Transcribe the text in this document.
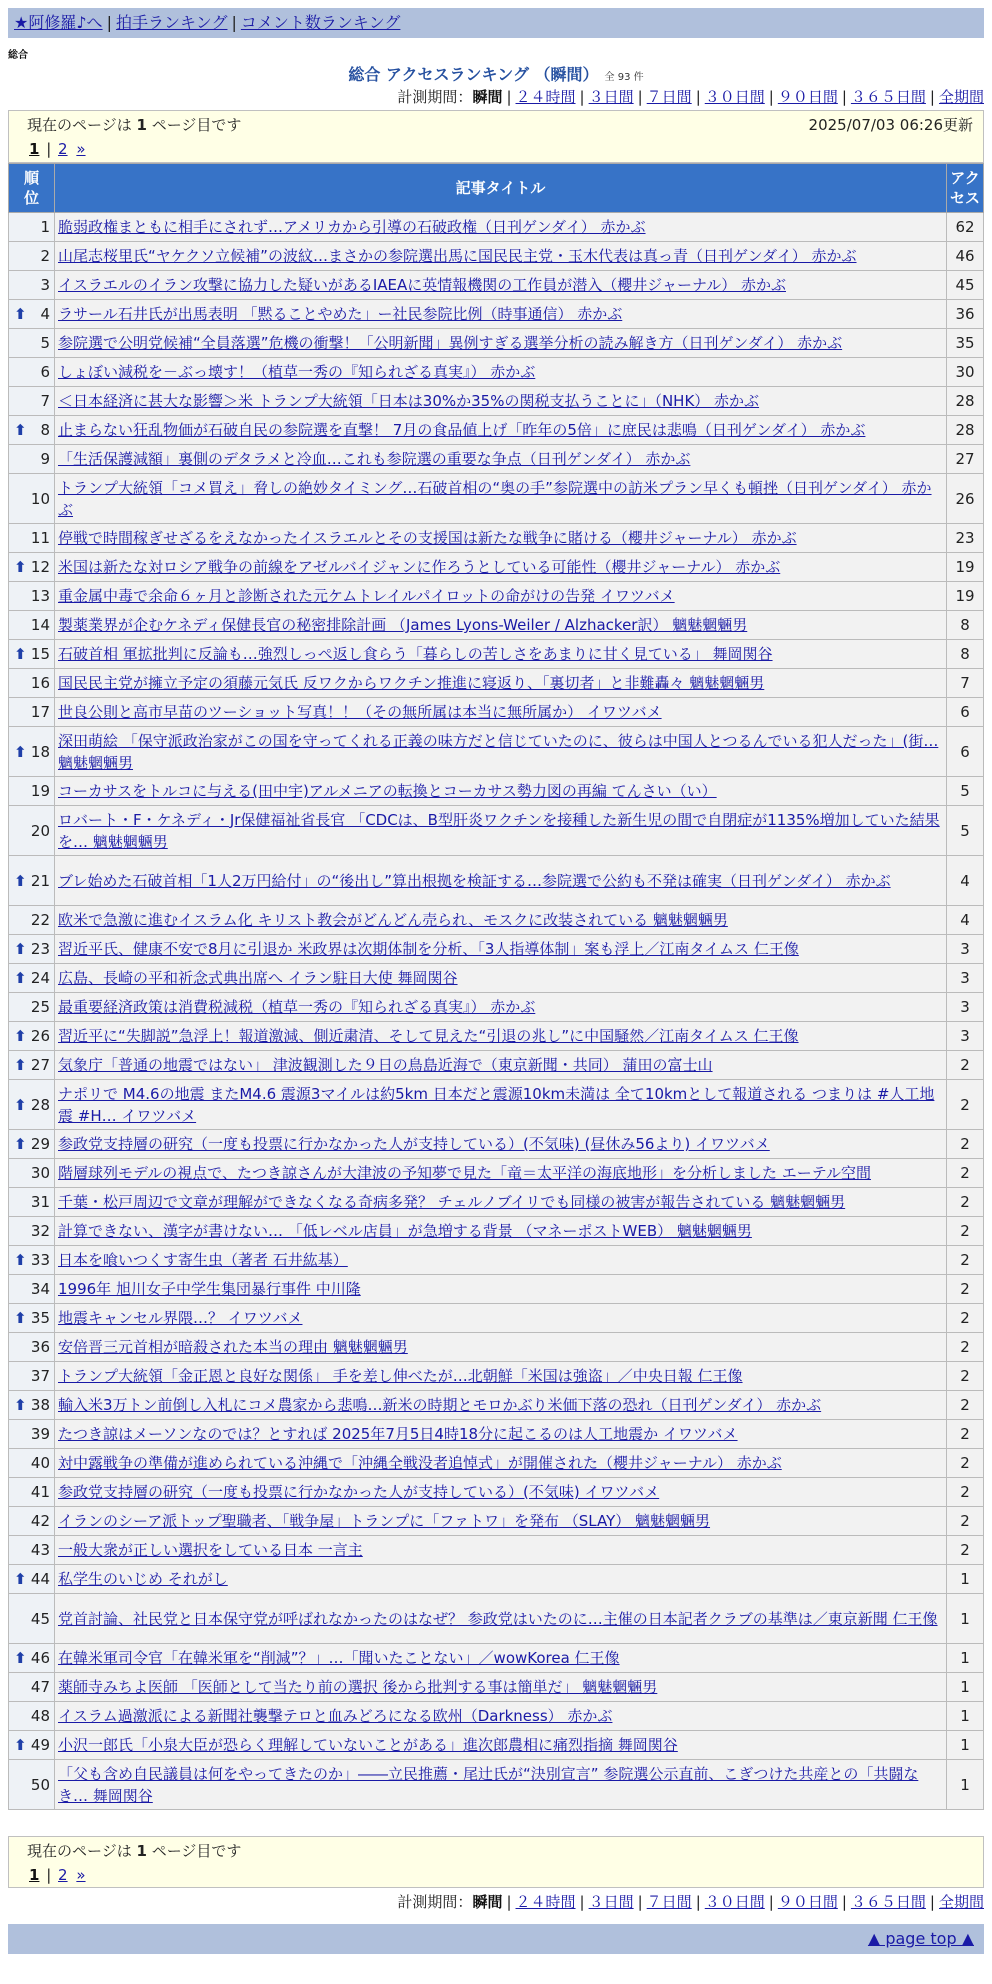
★阿修羅♪へ | 拍手ランキング | コメント数ランキング
総合
総合 アクセスランキング （瞬間） 全 93 件
計測期間：瞬間 | ２４時間 | ３日間 | ７日間 | ３０日間 | ９０日間 | ３６５日間 | 全期間
現在のページは 1 ページ目です	2025/07/03 06:26更新
1 | 2 »
順位	記事タイトル	アクセス
1	脆弱政権まともに相手にされず…アメリカから引導の石破政権（日刊ゲンダイ） 赤かぶ	62
2	山尾志桜里氏“ヤケクソ立候補”の波紋…まさかの参院選出馬に国民民主党・玉木代表は真っ青（日刊ゲンダイ） 赤かぶ	46
3	イスラエルのイラン攻撃に協力した疑いがあるIAEAに英情報機関の工作員が潜入（櫻井ジャーナル） 赤かぶ	45

⬆ 4	ラサール石井氏が出馬表明 「黙ることやめた」ー社民参院比例（時事通信） 赤かぶ	36
5	参院選で公明党候補“全員落選”危機の衝撃！「公明新聞」異例すぎる選挙分析の読み解き方（日刊ゲンダイ） 赤かぶ	35
6	しょぼい減税を－ぶっ壊す！（植草一秀の『知られざる真実』） 赤かぶ	30
7	＜日本経済に甚大な影響＞米 トランプ大統領「日本は30%か35%の関税支払うことに」（NHK） 赤かぶ	28

⬆ 8	止まらない狂乱物価が石破自民の参院選を直撃！ 7月の食品値上げ「昨年の5倍」に庶民は悲鳴（日刊ゲンダイ） 赤かぶ	28
9	「生活保護減額」裏側のデタラメと冷血…これも参院選の重要な争点（日刊ゲンダイ） 赤かぶ	27
10	トランプ大統領「コメ買え」脅しの絶妙タイミング…石破首相の“奥の手”参院選中の訪米プラン早くも頓挫（日刊ゲンダイ） 赤かぶ	26
11	停戦で時間稼ぎせざるをえなかったイスラエルとその支援国は新たな戦争に賭ける（櫻井ジャーナル） 赤かぶ	23

⬆ 12	米国は新たな対ロシア戦争の前線をアゼルバイジャンに作ろうとしている可能性（櫻井ジャーナル） 赤かぶ	19
13	重金属中毒で余命６ヶ月と診断された元ケムトレイルパイロットの命がけの告発 イワツバメ	19
14	製薬業界が企むケネディ保健長官の秘密排除計画 （James Lyons-Weiler / Alzhacker訳） 魑魅魍魎男	8

⬆ 15	石破首相 軍拡批判に反論も…強烈しっぺ返し食らう「暮らしの苦しさをあまりに甘く見ている」 舞岡関谷	8
16	国民民主党が擁立予定の須藤元気氏 反ワクからワクチン推進に寝返り、「裏切者」と非難轟々 魑魅魍魎男	7
17	世良公則と高市早苗のツーショット写真！！（その無所属は本当に無所属か） イワツバメ	6

⬆ 18	深田萌絵 「保守派政治家がこの国を守ってくれる正義の味方だと信じていたのに、彼らは中国人とつるんでいる犯人だった」(街… 魑魅魍魎男	6
19	コーカサスをトルコに与える(田中宇)アルメニアの転換とコーカサス勢力図の再編 てんさい（い）	5
20	ロバート・F・ケネディ・Jr保健福祉省長官 「CDCは、B型肝炎ワクチンを接種した新生児の間で自閉症が1135%増加していた結果を… 魑魅魍魎男	5

⬆ 21	ブレ始めた石破首相「1人2万円給付」の“後出し”算出根拠を検証する…参院選で公約も不発は確実（日刊ゲンダイ） 赤かぶ	4
22	欧米で急激に進むイスラム化 キリスト教会がどんどん売られ、モスクに改装されている 魑魅魍魎男	4

⬆ 23	習近平氏、健康不安で8月に引退か 米政界は次期体制を分析、「3人指導体制」案も浮上／江南タイムス 仁王像	3

⬆ 24	広島、長崎の平和祈念式典出席へ イラン駐日大使 舞岡関谷	3
25	最重要経済政策は消費税減税（植草一秀の『知られざる真実』） 赤かぶ	3

⬆ 26	習近平に“失脚説”急浮上！報道激減、側近粛清、そして見えた“引退の兆し”に中国騒然／江南タイムス 仁王像	3

⬆ 27	気象庁「普通の地震ではない」 津波観測した９日の鳥島近海で（東京新聞・共同） 蒲田の富士山	2

⬆ 28	ナポリで M4.6の地震 またM4.6 震源3マイルは約5km 日本だと震源10km未満は 全て10kmとして報道される つまりは #人工地震 #H… イワツバメ	2

⬆ 29	参政党支持層の研究（一度も投票に行かなかった人が支持している）(不気味) (昼休み56より) イワツバメ	2
30	階層球列モデルの視点で、たつき諒さんが大津波の予知夢で見た「竜＝太平洋の海底地形」を分析しました エーテル空間	2
31	千葉・松戸周辺で文章が理解ができなくなる奇病多発？ チェルノブイリでも同様の被害が報告されている 魑魅魍魎男	2
32	計算できない、漢字が書けない… 「低レベル店員」が急増する背景 （マネーポストWEB） 魑魅魍魎男	2

⬆ 33	日本を喰いつくす寄生虫（著者 石井紘基）	2
34	1996年 旭川女子中学生集団暴行事件 中川隆	2

⬆ 35	地震キャンセル界隈…？ イワツバメ	2
36	安倍晋三元首相が暗殺された本当の理由 魑魅魍魎男	2
37	トランプ大統領「金正恩と良好な関係」 手を差し伸べたが…北朝鮮「米国は強盗」／中央日報 仁王像	2

⬆ 38	輸入米3万トン前倒し入札にコメ農家から悲鳴…新米の時期とモロかぶり米価下落の恐れ（日刊ゲンダイ） 赤かぶ	2
39	たつき諒はメーソンなのでは？とすれば 2025年7月5日4時18分に起こるのは人工地震か イワツバメ	2
40	対中露戦争の準備が進められている沖縄で「沖縄全戦没者追悼式」が開催された（櫻井ジャーナル） 赤かぶ	2
41	参政党支持層の研究（一度も投票に行かなかった人が支持している）(不気味) イワツバメ	2
42	イランのシーア派トップ聖職者、「戦争屋」トランプに「ファトワ」を発布 （SLAY） 魑魅魍魎男	2
43	一般大衆が正しい選択をしている日本 一言主	2

⬆ 44	私学生のいじめ それがし	1
45	党首討論、社民党と日本保守党が呼ばれなかったのはなぜ？ 参政党はいたのに…主催の日本記者クラブの基準は／東京新聞 仁王像	1

⬆ 46	在韓米軍司令官「在韓米軍を“削減”？」…「聞いたことない」／wowKorea 仁王像	1
47	薬師寺みちよ医師 「医師として当たり前の選択 後から批判する事は簡単だ」 魑魅魍魎男	1
48	イスラム過激派による新聞社襲撃テロと血みどろになる欧州（Darkness） 赤かぶ	1

⬆ 49	小沢一郎氏「小泉大臣が恐らく理解していないことがある」進次郎農相に痛烈指摘 舞岡関谷	1
50	「父も含め自民議員は何をやってきたのか」――立民推薦・尾辻氏が“決別宣言” 参院選公示直前、こぎつけた共産との「共闘なき… 舞岡関谷	1
現在のページは 1 ページ目です
1 | 2 »
計測期間：瞬間 | ２４時間 | ３日間 | ７日間 | ３０日間 | ９０日間 | ３６５日間 | 全期間
▲ page top ▲
